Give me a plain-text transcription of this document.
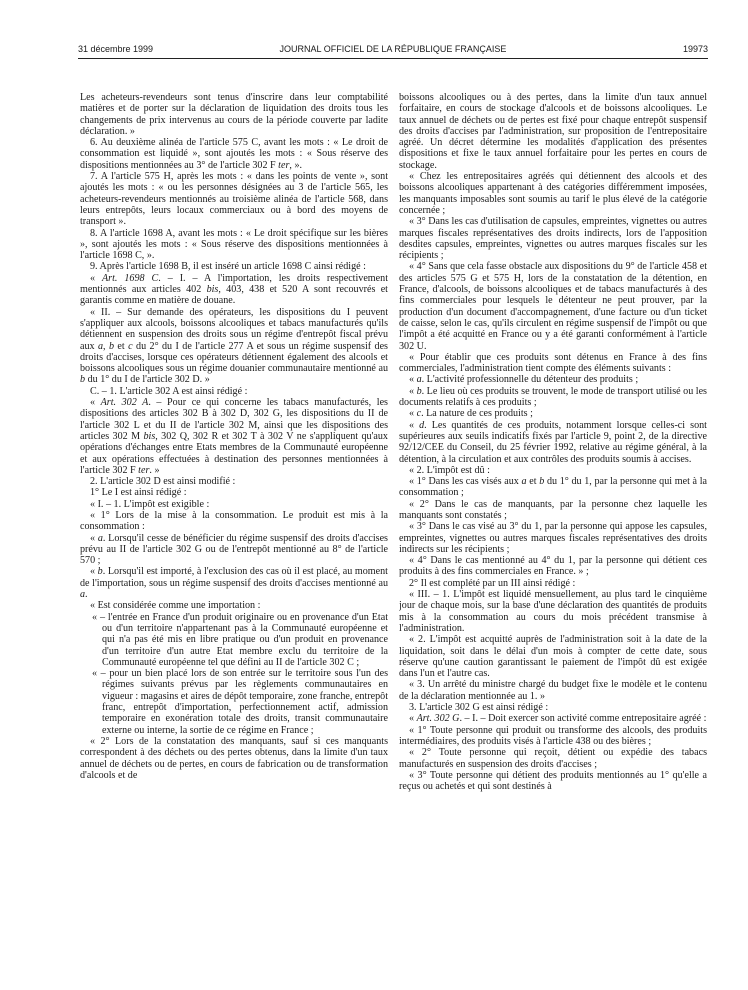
31 décembre 1999	JOURNAL OFFICIEL DE LA RÉPUBLIQUE FRANÇAISE	19973

Les acheteurs-revendeurs sont tenus d'inscrire dans leur comptabilité matières et de porter sur la déclaration de liquidation des droits tous les changements de prix intervenus au cours de la période couverte par ladite déclaration. »

6. Au deuxième alinéa de l'article 575 C, avant les mots : « Le droit de consommation est liquidé », sont ajoutés les mots : « Sous réserve des dispositions mentionnées au 3° de l'article 302 F ter, ».

7. A l'article 575 H, après les mots : « dans les points de vente », sont ajoutés les mots : « ou les personnes désignées au 3 de l'article 565, les acheteurs-revendeurs mentionnés au troisième alinéa de l'article 568, dans leurs entrepôts, leurs locaux commerciaux ou à bord des moyens de transport ».

8. A l'article 1698 A, avant les mots : « Le droit spécifique sur les bières », sont ajoutés les mots : « Sous réserve des dispositions mentionnées à l'article 1698 C, ».

9. Après l'article 1698 B, il est inséré un article 1698 C ainsi rédigé :

« Art. 1698 C. – I. – A l'importation, les droits respectivement mentionnés aux articles 402 bis, 403, 438 et 520 A sont recouvrés et garantis comme en matière de douane.

« II. – Sur demande des opérateurs, les dispositions du I peuvent s'appliquer aux alcools, boissons alcooliques et tabacs manufacturés qu'ils détiennent en suspension des droits sous un régime d'entrepôt fiscal prévu aux a, b et c du 2° du I de l'article 277 A et sous un régime suspensif des droits d'accises, lorsque ces opérateurs détiennent également des alcools et boissons alcooliques sous un régime douanier communautaire mentionné au b du 1° du I de l'article 302 D. »

C. – 1. L'article 302 A est ainsi rédigé :

« Art. 302 A. – Pour ce qui concerne les tabacs manufacturés, les dispositions des articles 302 B à 302 D, 302 G, les dispositions du II de l'article 302 L et du II de l'article 302 M, ainsi que les dispositions des articles 302 M bis, 302 Q, 302 R et 302 T à 302 V ne s'appliquent qu'aux opérations d'échanges entre Etats membres de la Communauté européenne et aux opérations effectuées à destination des personnes mentionnées à l'article 302 F ter. »

2. L'article 302 D est ainsi modifié :

1° Le I est ainsi rédigé :

« I. – 1. L'impôt est exigible :

« 1° Lors de la mise à la consommation. Le produit est mis à la consommation :

« a. Lorsqu'il cesse de bénéficier du régime suspensif des droits d'accises prévu au II de l'article 302 G ou de l'entrepôt mentionné au 8° de l'article 570 ;

« b. Lorsqu'il est importé, à l'exclusion des cas où il est placé, au moment de l'importation, sous un régime suspensif des droits d'accises mentionné au a.

« Est considérée comme une importation :

« – l'entrée en France d'un produit originaire ou en provenance d'un Etat ou d'un territoire n'appartenant pas à la Communauté européenne et qui n'a pas été mis en libre pratique ou d'un produit en provenance d'un territoire d'un autre Etat membre exclu du territoire de la Communauté européenne tel que défini au II de l'article 302 C ;

« – pour un bien placé lors de son entrée sur le territoire sous l'un des régimes suivants prévus par les règlements communautaires en vigueur : magasins et aires de dépôt temporaire, zone franche, entrepôt franc, entrepôt d'importation, perfectionnement actif, admission temporaire en exonération totale des droits, transit communautaire externe ou interne, la sortie de ce régime en France ;

« 2° Lors de la constatation des manquants, sauf si ces manquants correspondent à des déchets ou des pertes obtenus, dans la limite d'un taux annuel de déchets ou de pertes, en cours de fabrication ou de transformation d'alcools et de

boissons alcooliques ou à des pertes, dans la limite d'un taux annuel forfaitaire, en cours de stockage d'alcools et de boissons alcooliques. Le taux annuel de déchets ou de pertes est fixé pour chaque entrepôt suspensif des droits d'accises par l'administration, sur proposition de l'entrepositaire agréé. Un décret détermine les modalités d'application des présentes dispositions et fixe le taux annuel forfaitaire pour les pertes en cours de stockage.

« Chez les entrepositaires agréés qui détiennent des alcools et des boissons alcooliques appartenant à des catégories différemment imposées, les manquants imposables sont soumis au tarif le plus élevé de la catégorie concernée ;

« 3° Dans les cas d'utilisation de capsules, empreintes, vignettes ou autres marques fiscales représentatives des droits indirects, lors de l'apposition desdites capsules, empreintes, vignettes ou autres marques fiscales sur les récipients ;

« 4° Sans que cela fasse obstacle aux dispositions du 9° de l'article 458 et des articles 575 G et 575 H, lors de la constatation de la détention, en France, d'alcools, de boissons alcooliques et de tabacs manufacturés à des fins commerciales pour lesquels le détenteur ne peut prouver, par la production d'un document d'accompagnement, d'une facture ou d'un ticket de caisse, selon le cas, qu'ils circulent en régime suspensif de l'impôt ou que l'impôt a été acquitté en France ou y a été garanti conformément à l'article 302 U.

« Pour établir que ces produits sont détenus en France à des fins commerciales, l'administration tient compte des éléments suivants :

« a. L'activité professionnelle du détenteur des produits ;

« b. Le lieu où ces produits se trouvent, le mode de transport utilisé ou les documents relatifs à ces produits ;

« c. La nature de ces produits ;

« d. Les quantités de ces produits, notamment lorsque celles-ci sont supérieures aux seuils indicatifs fixés par l'article 9, point 2, de la directive 92/12/CEE du Conseil, du 25 février 1992, relative au régime général, à la détention, à la circulation et aux contrôles des produits soumis à accises.

« 2. L'impôt est dû :

« 1° Dans les cas visés aux a et b du 1° du 1, par la personne qui met à la consommation ;

« 2° Dans le cas de manquants, par la personne chez laquelle les manquants sont constatés ;

« 3° Dans le cas visé au 3° du 1, par la personne qui appose les capsules, empreintes, vignettes ou autres marques fiscales représentatives des droits indirects sur les récipients ;

« 4° Dans le cas mentionné au 4° du 1, par la personne qui détient ces produits à des fins commerciales en France. » ;

2° Il est complété par un III ainsi rédigé :

« III. – 1. L'impôt est liquidé mensuellement, au plus tard le cinquième jour de chaque mois, sur la base d'une déclaration des quantités de produits mis à la consommation au cours du mois précédent transmise à l'administration.

« 2. L'impôt est acquitté auprès de l'administration soit à la date de la liquidation, soit dans le délai d'un mois à compter de cette date, sous réserve qu'une caution garantissant le paiement de l'impôt dû est exigée dans l'un et l'autre cas.

« 3. Un arrêté du ministre chargé du budget fixe le modèle et le contenu de la déclaration mentionnée au 1. »

3. L'article 302 G est ainsi rédigé :

« Art. 302 G. – I. – Doit exercer son activité comme entrepositaire agréé :

« 1° Toute personne qui produit ou transforme des alcools, des produits intermédiaires, des produits visés à l'article 438 ou des bières ;

« 2° Toute personne qui reçoit, détient ou expédie des tabacs manufacturés en suspension des droits d'accises ;

« 3° Toute personne qui détient des produits mentionnés au 1° qu'elle a reçus ou achetés et qui sont destinés à
